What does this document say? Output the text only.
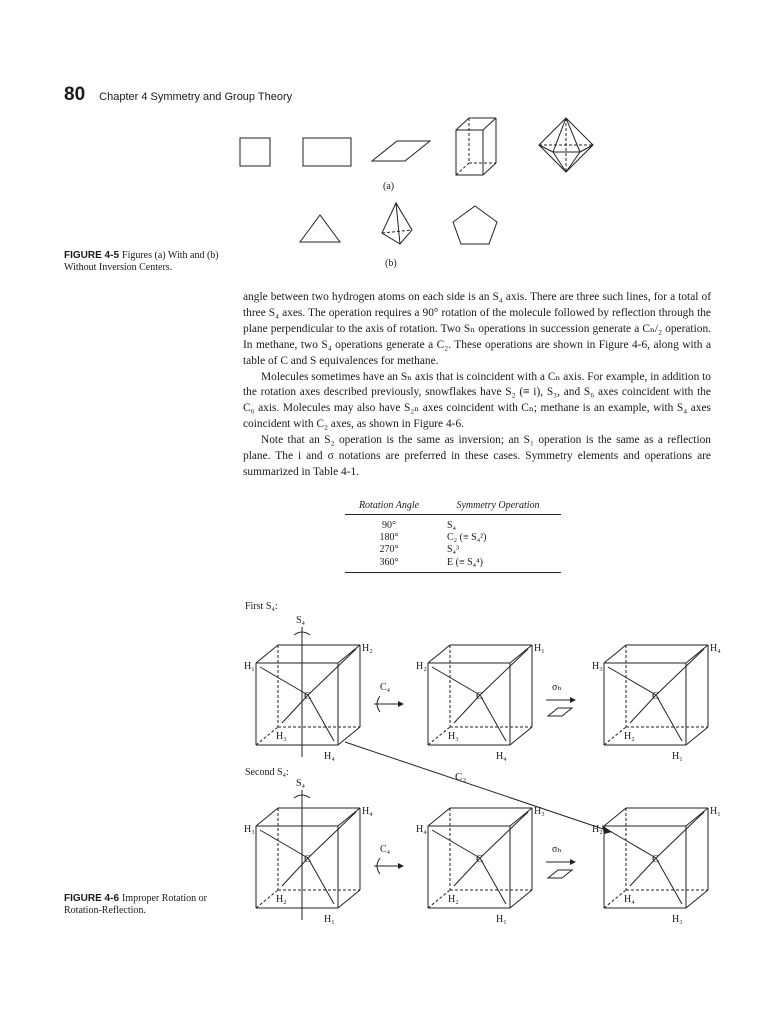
80 Chapter 4 Symmetry and Group Theory
(a)
(b)
FIGURE 4-5 Figures (a) With and (b) Without Inversion Centers.

angle between two hydrogen atoms on each side is an S₄ axis. There are three such lines, for a total of three S₄ axes. The operation requires a 90° rotation of the molecule followed by reflection through the plane perpendicular to the axis of rotation. Two Sₙ operations in succession generate a Cₙ/₂ operation. In methane, two S₄ operations generate a C₂. These operations are shown in Figure 4-6, along with a table of C and S equivalences for methane.

Molecules sometimes have an Sₙ axis that is coincident with a Cₙ axis. For example, in addition to the rotation axes described previously, snowflakes have S₂ (≡ i), S₃, and S₆ axes coincident with the C₆ axis. Molecules may also have S₂ₙ axes coincident with Cₙ; methane is an example, with S₄ axes coincident with C₂ axes, as shown in Figure 4-6.

Note that an S₂ operation is the same as inversion; an S₁ operation is the same as a reflection plane. The i and σ notations are preferred in these cases. Symmetry elements and operations are summarized in Table 4-1.

Rotation Angle	Symmetry Operation
90°	S₄
180°	C₂ (≡ S₄²)
270°	S₄³
360°	E (≡ S₄⁴)
First S₄:
Second S₄:
C
H₁
H₂
H₃
H₄
S₄
C
H₂
H₁
H₃
H₄
C
H₃
H₄
H₂
H₁
C₄	σₕ
C
H₃
H₄
H₂
H₁
S₄
C
H₄
H₃
H₂
H₁
C
H₂
H₁
H₄
H₃
C₄	σₕ
C₂
FIGURE 4-6 Improper Rotation or Rotation-Reflection.
